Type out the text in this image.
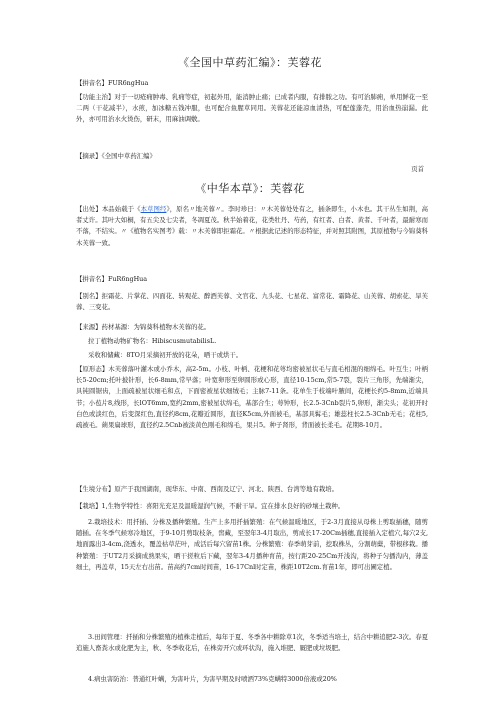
《全国中草药汇编》：芙蓉花
【拼音名】FUR6ngHua
【功能主治】对于一切疮痈肿毒、乳痈等症，初起外用，能消肿止痛；已成者内服，有排脓之功。有可治肺痈，单用鲜花一至二两（干花减半），水煎，加冰糖五钱冲服，也可配合鱼腥草同用。芙蓉花还能凉血清热，可配莲蓬壳，用治血热崩漏。此外，亦可用治水火烫伤，研末，用麻油调敷。
【摘录】《全国中草药汇编》
页首
《中华本草》：芙蓉花
【出处】本品始载于《本草图经》，原名〃地芙蓉〃。李时珍曰：〃木芙蓉处处有之，插条即生，小木也。其干丛生如荆，高者丈许。其叶大如桐，有五尖及七尖者，冬凋夏茂。秋半始着花，花类牡丹、芍药，有红者、白者、黄者、千叶者，最耐寒而不落，不结实。〃《植物名实图考》载：〃木芙蓉即拒霜花。〃根据此记述的形态特征，并对照其附图，其原植物与今锦葵科木芙蓉一致。
【拼音名】FuR6ngHua
【别名】拒霜花、片掌花、四面花、转观花、醉酒芙蓉、文官花、九头花、七星花、富常花、霜降花、山芙蓉、胡索花、旱芙蓉、三变花。
【来源】药材基源：为锦葵科植物木芙蓉的花。
拉丁植物动物矿物名：HibiscusmutabilisL.
采收和储藏：8TO月采摘初开放的花朵，晒干或烘干。
【原形态】木芙蓉落叶灌木或小乔木，高2-5m。小枝、叶柄、花梗和花萼均密被星状毛与直毛相混的细绵毛。叶互生；叶柄长5-20cm;托叶披针形，长6-8mm,常早落；叶宽卵形至卵圆形或心形，直径10-15cm,常5-7裂，裂片三角形，先端渐尖，具钝圆锯齿，上面疏被星状细毛和点，下面密被星状细绒毛；主脉7-11条。花单生于枝端叶腋间，花梗长约5-8mm,近端具节；小苞片8,线形，长lOT6mm,宽约2mm,密被星状绵毛，基部合生；萼钟形，长2.5-3Cnb裂片5,卵形，渐尖头；花初开时白色或淡红色，后变深红色,直径约8cm,花瓣近圆形，直径K5cm,外面被毛，基部具髯毛；雄蕊柱长2.5-3Cnb无毛；花柱5,疏被毛。蒴果扁球形，直径约2.5Cnb被淡黄色刚毛和绵毛，果爿5。种子肾形，背面被长柔毛。花期8-10月。
【生境分布】原产于我国湖南，现华东、中南、西南及辽宁、河北、陕西、台湾等地有栽培。
【栽培】1,生物学特性：喜阳光充足及温暖湿润气候，不耐干旱。宜在排水良好的砂壤土栽种。
2.栽培技术：用扦插、分株及播种繁殖。生产上多用扦插繁殖：在气候温暖地区，于2-3月直接从母株上剪取插穗，随剪随插。在冬季气候寒冷地区，于9-10月剪取枝条，窖藏，至翌年3-4月取出，剪成长17-20Cm插穗,直接插入定植穴,每穴2支,地面露出3-4cm,浇透水，覆盖枯草茫叶，成活后每穴留苗1株。分株繁殖：春季萌芽前，挖取株丛，分割萌蘖，带根移栽。播种繁殖：于UT2月采摘成熟果实，晒干搓粒后下藏，翌年3-4月播种育苗，按行距20-25Cm开浅沟，将种子匀播沟内，薄盖细土，再盖草，15天左右出苗。苗高约7cm时间苗，16-17Cnl时定苗，株距10T2cm.育苗1年，即可出圃定植。
3.田间管理：扦插和分株繁殖的植株走植后，每年于夏、冬季各中耕除草1次，冬季适当培土，结合中耕追肥2-3次。春夏追施人畜粪水或化肥为主，秋、冬季收花后，在株旁开穴或环状沟，施入堆肥、厩肥或垃圾肥。
4.病虫害防治：普通红叶螨，为害叶片，为害早期及时喷洒73%克螨特3000倍液或20%
